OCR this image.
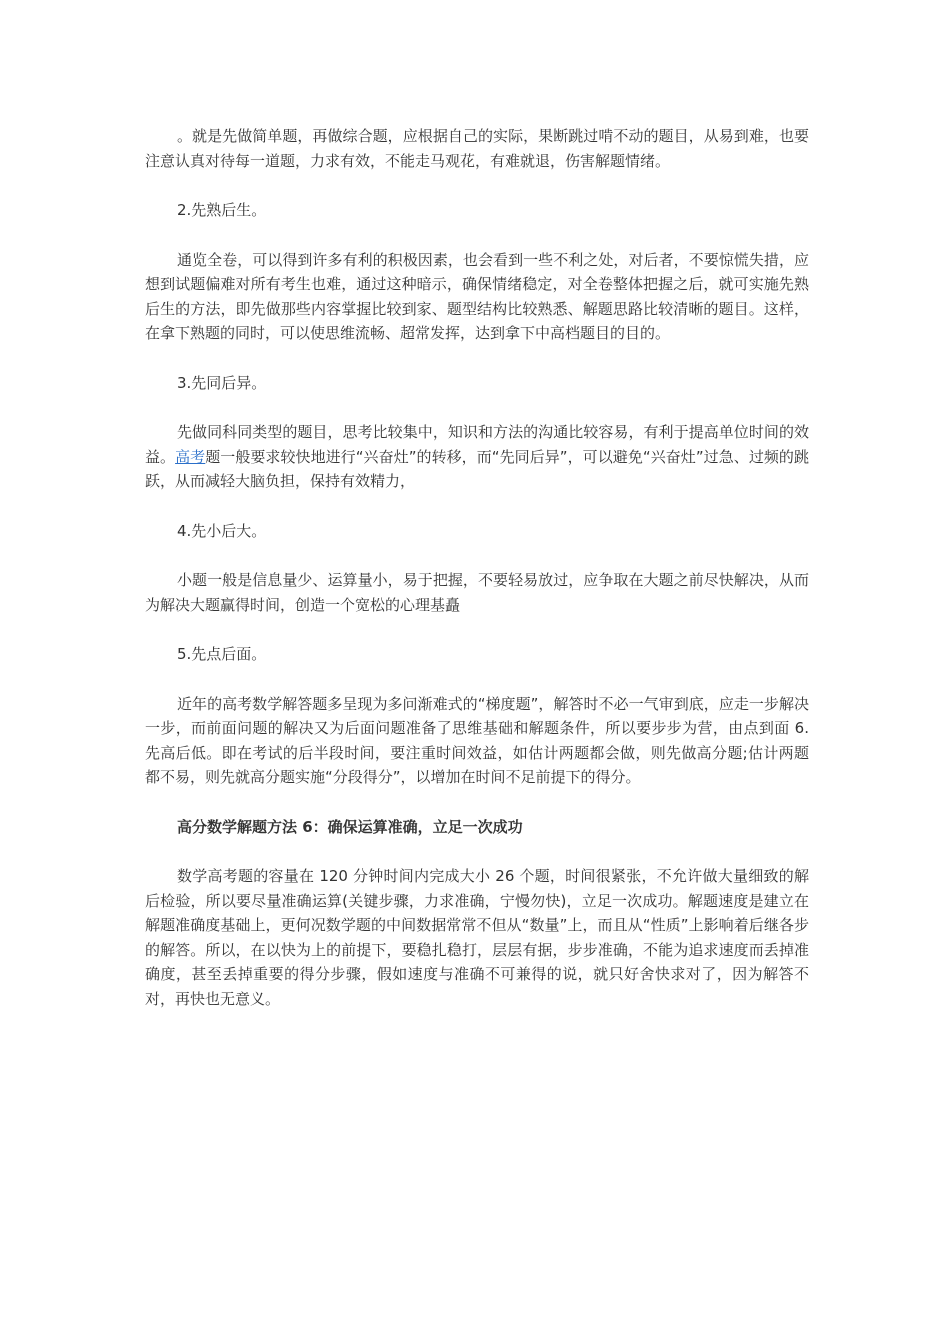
。就是先做简单题，再做综合题，应根据自己的实际，果断跳过啃不动的题目，从易到难，也要注意认真对待每一道题，力求有效，不能走马观花，有难就退，伤害解题情绪。

2.先熟后生。

通览全卷，可以得到许多有利的积极因素，也会看到一些不利之处，对后者，不要惊慌失措，应想到试题偏难对所有考生也难，通过这种暗示，确保情绪稳定，对全卷整体把握之后，就可实施先熟后生的方法，即先做那些内容掌握比较到家、题型结构比较熟悉、解题思路比较清晰的题目。这样，在拿下熟题的同时，可以使思维流畅、超常发挥，达到拿下中高档题目的目的。

3.先同后异。

先做同科同类型的题目，思考比较集中，知识和方法的沟通比较容易，有利于提高单位时间的效益。高考题一般要求较快地进行“兴奋灶”的转移，而“先同后异”，可以避免“兴奋灶”过急、过频的跳跃，从而减轻大脑负担，保持有效精力，

4.先小后大。

小题一般是信息量少、运算量小，易于把握，不要轻易放过，应争取在大题之前尽快解决，从而为解决大题赢得时间，创造一个宽松的心理基矗

5.先点后面。

近年的高考数学解答题多呈现为多问渐难式的“梯度题”，解答时不必一气审到底，应走一步解决一步，而前面问题的解决又为后面问题准备了思维基础和解题条件，所以要步步为营，由点到面 6.先高后低。即在考试的后半段时间，要注重时间效益，如估计两题都会做，则先做高分题;估计两题都不易，则先就高分题实施“分段得分”，以增加在时间不足前提下的得分。

高分数学解题方法 6：确保运算准确，立足一次成功

数学高考题的容量在 120 分钟时间内完成大小 26 个题，时间很紧张，不允许做大量细致的解后检验，所以要尽量准确运算(关键步骤，力求准确，宁慢勿快)，立足一次成功。解题速度是建立在解题准确度基础上，更何况数学题的中间数据常常不但从“数量”上，而且从“性质”上影响着后继各步的解答。所以，在以快为上的前提下，要稳扎稳打，层层有据，步步准确，不能为追求速度而丢掉准确度，甚至丢掉重要的得分步骤，假如速度与准确不可兼得的说，就只好舍快求对了，因为解答不对，再快也无意义。
